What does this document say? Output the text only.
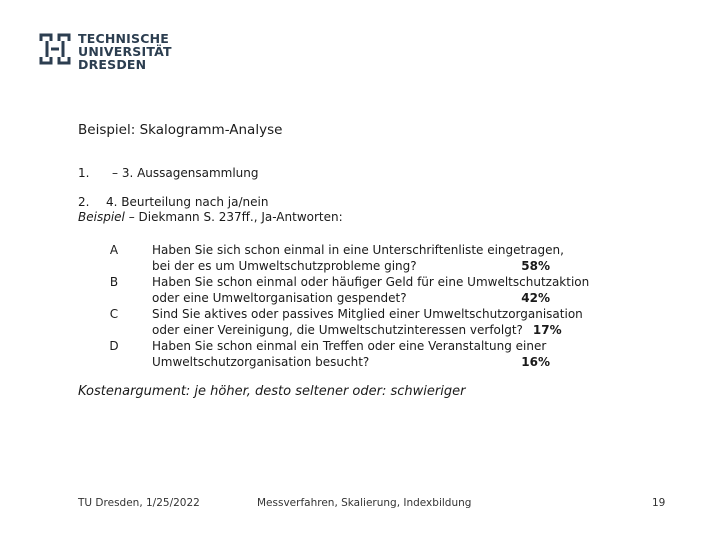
TECHNISCHE
UNIVERSITÄT
DRESDEN
Beispiel: Skalogramm-Analyse
1. – 3. Aussagensammlung
2. 4. Beurteilung nach ja/nein
Beispiel – Diekmann S. 237ff., Ja-Antworten:
A	Haben Sie sich schon einmal in eine Unterschriftenliste eingetragen,
bei der es um Umweltschutzprobleme ging?	58%
B	Haben Sie schon einmal oder häufiger Geld für eine Umweltschutzaktion
oder eine Umweltorganisation gespendet?	42%
C	Sind Sie aktives oder passives Mitglied einer Umweltschutzorganisation
oder einer Vereinigung, die Umweltschutzinteressen verfolgt? 17%
D	Haben Sie schon einmal ein Treffen oder eine Veranstaltung einer
Umweltschutzorganisation besucht?	16%
Kostenargument: je höher, desto seltener oder: schwieriger
TU Dresden, 1/25/2022	Messverfahren, Skalierung, Indexbildung	19
